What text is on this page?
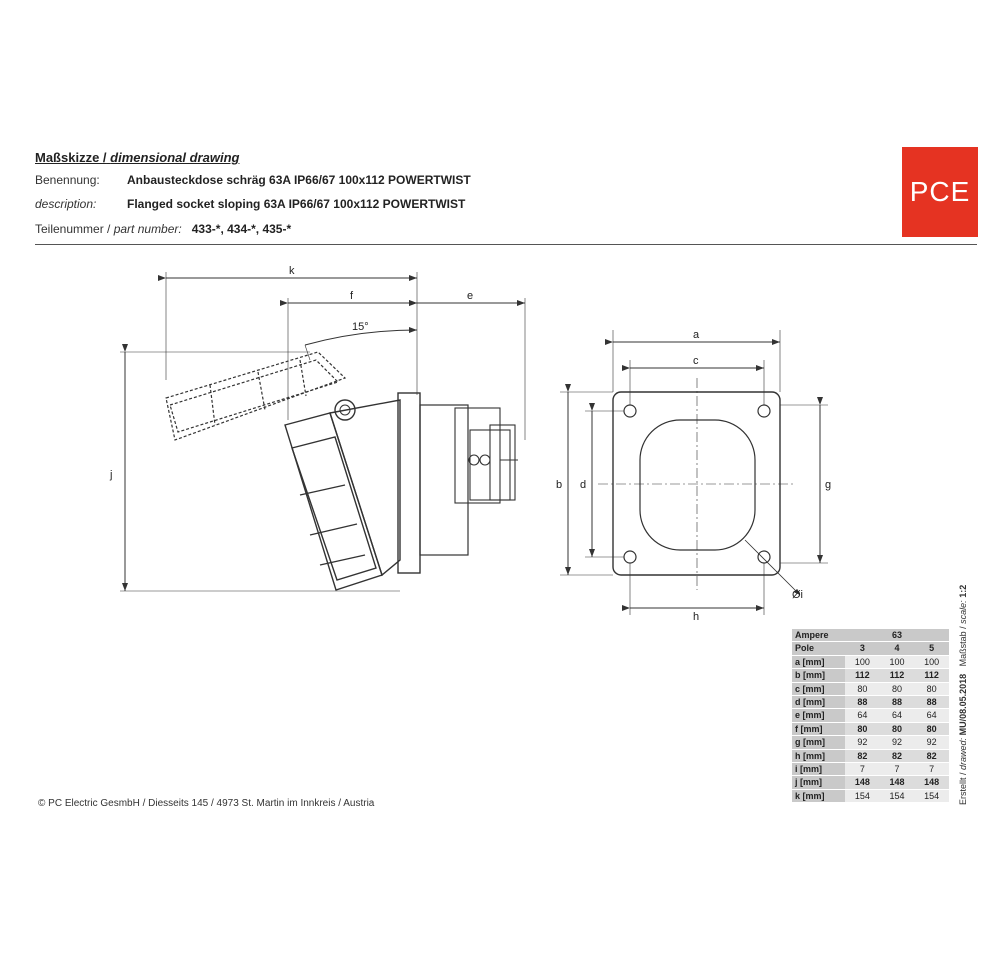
Maßskizze / dimensional drawing
Benennung: Anbausteckdose schräg 63A IP66/67 100x112 POWERTWIST
description:	Flanged socket sloping 63A IP66/67 100x112 POWERTWIST
Teilenummer / part number: 433-*, 434-*, 435-*
PCE
k
f	e
15°
j
a
c
b d	g
h
Øi
Ampere	63		
Pole	3	4	5
a [mm]	100	100	100
b [mm]	112	112	112
c [mm]	80	80	80
d [mm]	88	88	88
e [mm]	64	64	64
f [mm]	80	80	80
g [mm]	92	92	92
h [mm]	82	82	82
i [mm]	7	7	7
j [mm]	148	148	148
k [mm]	154	154	154
© PC Electric GesmbH / Diesseits 145 / 4973 St. Martin im Innkreis / Austria	Erstellt / drawed: MU/08.05.2018   Maßstab / scale: 1:2
